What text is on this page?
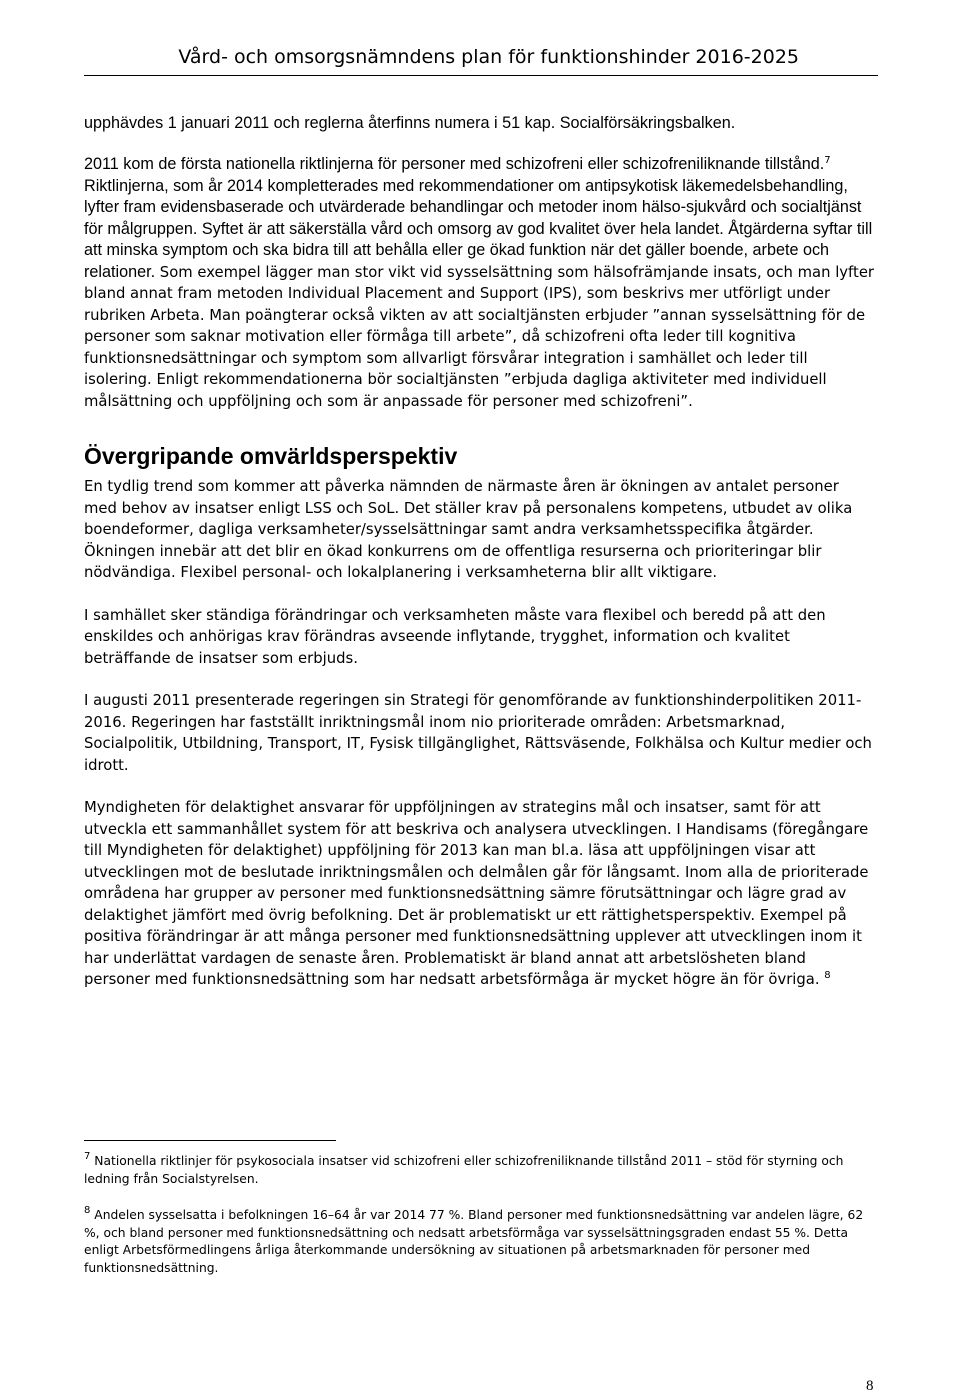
Vård- och omsorgsnämndens plan för funktionshinder 2016-2025

upphävdes 1 januari 2011 och reglerna återfinns numera i 51 kap. Socialförsäkringsbalken.

2011 kom de första nationella riktlinjerna för personer med schizofreni eller schizofreniliknande tillstånd.$^7$ Riktlinjerna, som år 2014 kompletterades med rekommendationer om antipsykotisk läkemedelsbehandling, lyfter fram evidensbaserade och utvärderade behandlingar och metoder inom hälso-sjukvård och socialtjänst för målgruppen. Syftet är att säkerställa vård och omsorg av god kvalitet över hela landet. Åtgärderna syftar till att minska symptom och ska bidra till att behålla eller ge ökad funktion när det gäller boende, arbete och relationer. Som exempel lägger man stor vikt vid sysselsättning som hälsofrämjande insats, och man lyfter bland annat fram metoden Individual Placement and Support (IPS), som beskrivs mer utförligt under rubriken Arbeta. Man poängterar också vikten av att socialtjänsten erbjuder ”annan sysselsättning för de personer som saknar motivation eller förmåga till arbete”, då schizofreni ofta leder till kognitiva funktionsnedsättningar och symptom som allvarligt försvårar integration i samhället och leder till isolering. Enligt rekommendationerna bör socialtjänsten ”erbjuda dagliga aktiviteter med individuell målsättning och uppföljning och som är anpassade för personer med schizofreni”.

Övergripande omvärldsperspektiv

En tydlig trend som kommer att påverka nämnden de närmaste åren är ökningen av antalet personer med behov av insatser enligt LSS och SoL. Det ställer krav på personalens kompetens, utbudet av olika boendeformer, dagliga verksamheter/sysselsättningar samt andra verksamhetsspecifika åtgärder. Ökningen innebär att det blir en ökad konkurrens om de offentliga resurserna och prioriteringar blir nödvändiga. Flexibel personal- och lokalplanering i verksamheterna blir allt viktigare.

I samhället sker ständiga förändringar och verksamheten måste vara flexibel och beredd på att den enskildes och anhörigas krav förändras avseende inflytande, trygghet, information och kvalitet beträffande de insatser som erbjuds.

I augusti 2011 presenterade regeringen sin Strategi för genomförande av funktionshinderpolitiken 2011-2016. Regeringen har fastställt inriktningsmål inom nio prioriterade områden: Arbetsmarknad, Socialpolitik, Utbildning, Transport, IT, Fysisk tillgänglighet, Rättsväsende, Folkhälsa och Kultur medier och idrott.

Myndigheten för delaktighet ansvarar för uppföljningen av strategins mål och insatser, samt för att utveckla ett sammanhållet system för att beskriva och analysera utvecklingen. I Handisams (föregångare till Myndigheten för delaktighet) uppföljning för 2013 kan man bl.a. läsa att uppföljningen visar att utvecklingen mot de beslutade inriktningsmålen och delmålen går för långsamt. Inom alla de prioriterade områdena har grupper av personer med funktionsnedsättning sämre förutsättningar och lägre grad av delaktighet jämfört med övrig befolkning. Det är problematiskt ur ett rättighetsperspektiv. Exempel på positiva förändringar är att många personer med funktionsnedsättning upplever att utvecklingen inom it har underlättat vardagen de senaste åren. Problematiskt är bland annat att arbetslösheten bland personer med funktionsnedsättning som har nedsatt arbetsförmåga är mycket högre än för övriga. $^8$

$^7$ Nationella riktlinjer för psykosociala insatser vid schizofreni eller schizofreniliknande tillstånd 2011 – stöd för styrning och ledning från Socialstyrelsen.

$^8$ Andelen sysselsatta i befolkningen 16–64 år var 2014 77 %. Bland personer med funktionsnedsättning var andelen lägre, 62 %, och bland personer med funktionsnedsättning och nedsatt arbetsförmåga var sysselsättningsgraden endast 55 %. Detta enligt Arbetsförmedlingens årliga återkommande undersökning av situationen på arbetsmarknaden för personer med funktionsnedsättning.

8
